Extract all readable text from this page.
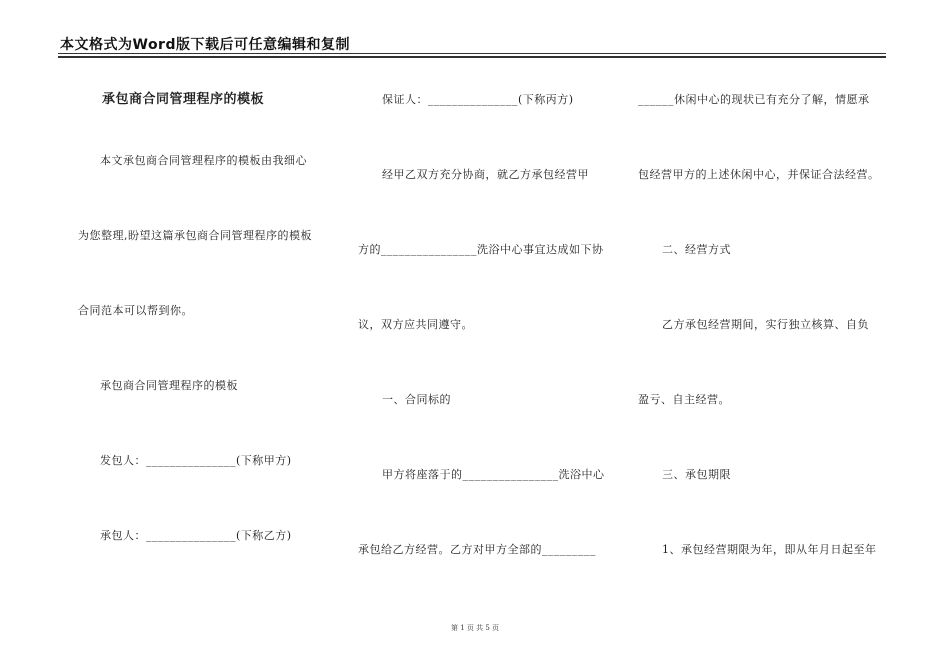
本文格式为Word版下载后可任意编辑和复制
承包商合同管理程序的模板
本文承包商合同管理程序的模板由我细心
为您整理,盼望这篇承包商合同管理程序的模板
合同范本可以帮到你。
承包商合同管理程序的模板
发包人：_______________(下称甲方)
承包人：_______________(下称乙方)
保证人：_______________(下称丙方)
经甲乙双方充分协商，就乙方承包经营甲
方的________________洗浴中心事宜达成如下协
议，双方应共同遵守。
一、合同标的
甲方将座落于的________________洗浴中心
承包给乙方经营。乙方对甲方全部的_________
______休闲中心的现状已有充分了解，情愿承
包经营甲方的上述休闲中心，并保证合法经营。
二、经营方式
乙方承包经营期间，实行独立核算、自负
盈亏、自主经营。
三、承包期限
1、承包经营期限为年，即从年月日起至年
第 1 页 共 5 页
